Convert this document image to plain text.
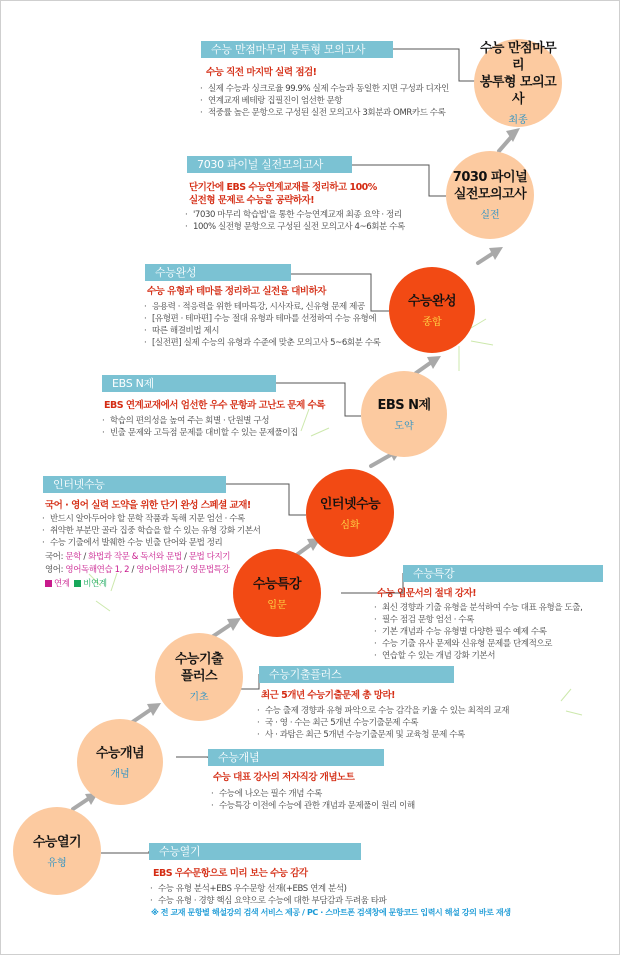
수능 만점마무리
봉투형 모의고사
최종
7030 파이널
실전모의고사
실전
수능완성
종합
EBS N제
도약
인터넷수능
심화
수능특강
입문
수능기출
플러스
기초
수능개념
개념
수능열기
유형
수능 만점마무리 봉투형 모의고사
수능 직전 마지막 실력 점검!
· 실제 수능과 싱크로율 99.9% 실제 수능과 동일한 지면 구성과 디자인
· 연계교재 베테랑 집필진이 엄선한 문항
· 적중률 높은 문항으로 구성된 실전 모의고사 3회분과 OMR카드 수록
7030 파이널 실전모의고사
단기간에 EBS 수능연계교재를 정리하고 100%
실전형 문제로 수능을 공략하자!
· '7030 마무리 학습법'을 통한 수능연계교재 최종 요약 · 정리
· 100% 실전형 문항으로 구성된 실전 모의고사 4~6회분 수록
수능완성
수능 유형과 테마를 정리하고 실전을 대비하자
· 응용력 · 적응력을 위한 테마특강, 시사자료, 신유형 문제 제공
· [유형편 · 테마편] 수능 절대 유형과 테마를 선정하여 수능 유형에
· 따른 해결비법 제시
· [실전편] 실제 수능의 유형과 수준에 맞춘 모의고사 5~6회분 수록
EBS N제
EBS 연계교재에서 엄선한 우수 문항과 고난도 문제 수록
· 학습의 편의성을 높여 주는 회별 · 단원별 구성
· 빈출 문제와 고득점 문제를 대비할 수 있는 문제풀이집
인터넷수능
국어 · 영어 실력 도약을 위한 단기 완성 스페셜 교재!
· 반드시 알아두어야 할 문학 작품과 독해 지문 엄선 · 수록
· 취약한 부분만 골라 집중 학습을 할 수 있는 유형 강화 기본서
· 수능 기출에서 발췌한 수능 빈출 단어와 문법 정리
국어: 문학 / 화법과 작문 & 독서와 문법 / 문법 다지기
영어: 영어독해연습 1, 2 / 영어어휘특강 / 영문법특강
연계 비연계
수능특강
수능 입문서의 절대 강자!
· 최신 경향과 기출 유형을 분석하여 수능 대표 유형을 도출,
· 필수 점검 문항 엄선 · 수록
· 기본 개념과 수능 유형별 다양한 필수 예제 수록
· 수능 기출 유사 문제와 신유형 문제를 단계적으로
· 연습할 수 있는 개념 강화 기본서
수능기출플러스
최근 5개년 수능기출문제 총 망라!
· 수능 출제 경향과 유형 파악으로 수능 감각을 키울 수 있는 최적의 교재
· 국 · 영 · 수는 최근 5개년 수능기출문제 수록
· 사 · 과탐은 최근 5개년 수능기출문제 및 교육청 문제 수록
수능개념
수능 대표 강사의 저자직강 개념노트
· 수능에 나오는 필수 개념 수록
· 수능특강 이전에 수능에 관한 개념과 문제풀이 원리 이해
수능열기
EBS 우수문항으로 미리 보는 수능 감각
· 수능 유형 분석+EBS 우수문항 선재(+EBS 연계 분석)
· 수능 유형 · 경향 핵심 요약으로 수능에 대한 부담감과 두려움 타파
※ 전 교재 문항별 해설강의 검색 서비스 제공 / PC · 스마트폰 검색창에 문항코드 입력시 해설 강의 바로 재생
